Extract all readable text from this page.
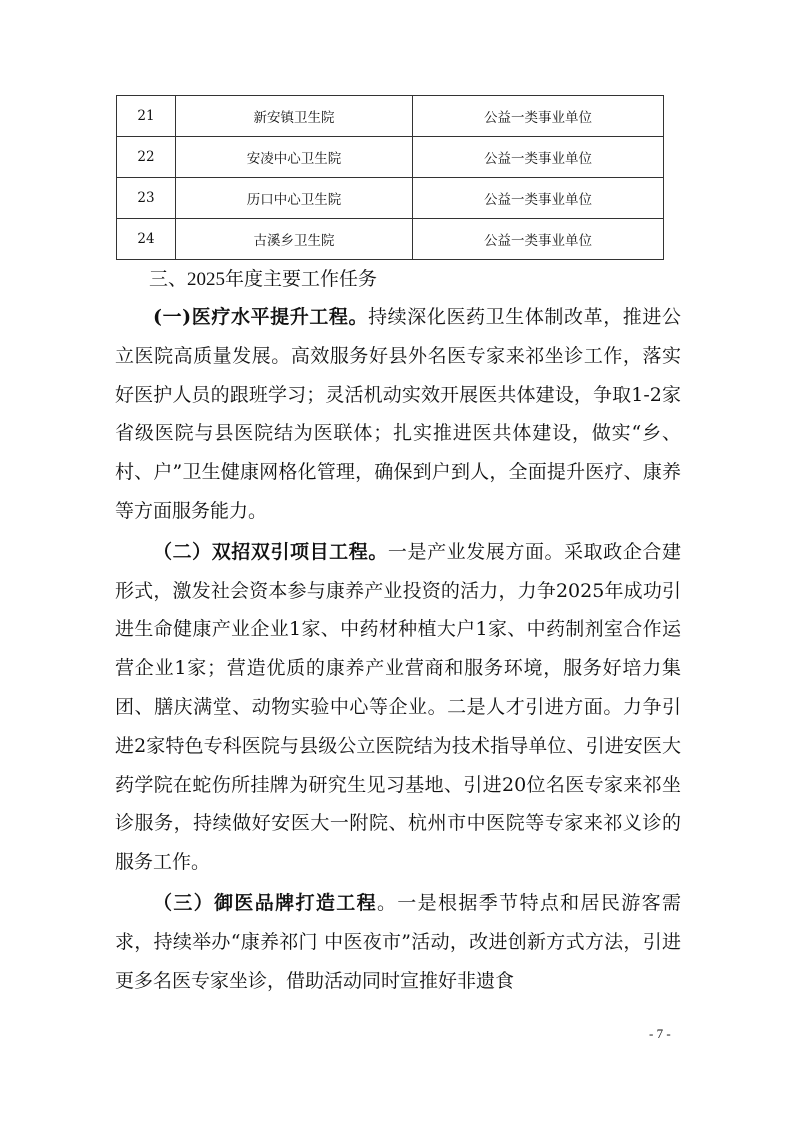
21	新安镇卫生院	公益一类事业单位
22	安凌中心卫生院	公益一类事业单位
23	历口中心卫生院	公益一类事业单位
24	古溪乡卫生院	公益一类事业单位
三、2025年度主要工作任务

(一)医疗水平提升工程。持续深化医药卫生体制改革，推进公立医院高质量发展。高效服务好县外名医专家来祁坐诊工作，落实好医护人员的跟班学习；灵活机动实效开展医共体建设，争取1-2家省级医院与县医院结为医联体；扎实推进医共体建设，做实“乡、村、户”卫生健康网格化管理，确保到户到人，全面提升医疗、康养等方面服务能力。

（二）双招双引项目工程。一是产业发展方面。采取政企合建形式，激发社会资本参与康养产业投资的活力，力争2025年成功引进生命健康产业企业1家、中药材种植大户1家、中药制剂室合作运营企业1家；营造优质的康养产业营商和服务环境，服务好培力集团、膳庆满堂、动物实验中心等企业。二是人才引进方面。力争引进2家特色专科医院与县级公立医院结为技术指导单位、引进安医大药学院在蛇伤所挂牌为研究生见习基地、引进20位名医专家来祁坐诊服务，持续做好安医大一附院、杭州市中医院等专家来祁义诊的服务工作。

（三）御医品牌打造工程。一是根据季节特点和居民游客需求，持续举办“康养祁门 中医夜市”活动，改进创新方式方法，引进更多名医专家坐诊，借助活动同时宣推好非遗食

- 7 -
